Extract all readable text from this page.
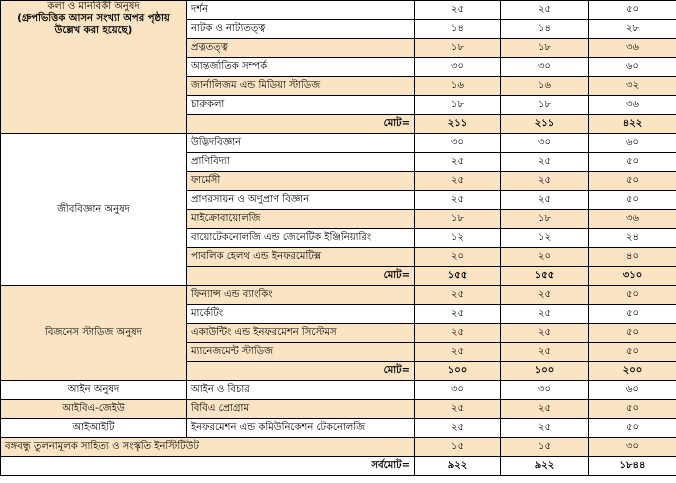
কলা ও মানবিকী অনুষদ
(গ্রুপভিত্তিক আসন সংখ্যা অপর পৃষ্ঠায় উল্লেখ করা হয়েছে)	দর্শন	২৫	২৫	৫০
	নাটক ও নাট্যতত্ত্ব	১৪	১৪	২৮
	প্রত্নতত্ত্ব	১৮	১৮	৩৬
	আন্তর্জাতিক সম্পর্ক	৩০	৩০	৬০
	জার্নালিজম এন্ড মিডিয়া স্টাডিজ	১৬	১৬	৩২
	চারুকলা	১৮	১৮	৩৬
	মোট=	২১১	২১১	৪২২
জীববিজ্ঞান অনুষদ	উদ্ভিদবিজ্ঞান	৩০	৩০	৬০
	প্রাণিবিদ্যা	২৫	২৫	৫০
	ফার্মেসী	২৫	২৫	৫০
	প্রাণরসায়ন ও অণুপ্রাণ বিজ্ঞান	২৫	২৫	৫০
	মাইক্রোবায়োলজি	১৮	১৮	৩৬
	বায়োটেকনোলজি এন্ড জেনেটিক ইঞ্জিনিয়ারিং	১২	১২	২৪
	পাবলিক হেলথ এন্ড ইনফরমেটিক্স	২০	২০	৪০
	মোট=	১৫৫	১৫৫	৩১০
বিজনেস স্টাডিজ অনুষদ	ফিন্যান্স এন্ড ব্যাংকিং	২৫	২৫	৫০
	মার্কেটিং	২৫	২৫	৫০
	একাউন্টিং এন্ড ইনফরমেশন সিস্টেমস	২৫	২৫	৫০
	ম্যানেজমেন্ট স্টাডিজ	২৫	২৫	৫০
	মোট=	১০০	১০০	২০০
আইন অনুষদ	আইন ও বিচার	৩০	৩০	৬০
আইবিএ-জেইউ	বিবিএ প্রোগ্রাম	২৫	২৫	৫০
আইআইটি	ইনফরমেশন এন্ড কমিউনিকেশন টেকনোলজি	২৫	২৫	৫০
বঙ্গবন্ধু তুলনামূলক সাহিত্য ও সংস্কৃতি ইনস্টিটিউট		১৫	১৫	৩০
সর্বমোট=		৯২২	৯২২	১৮৪৪
